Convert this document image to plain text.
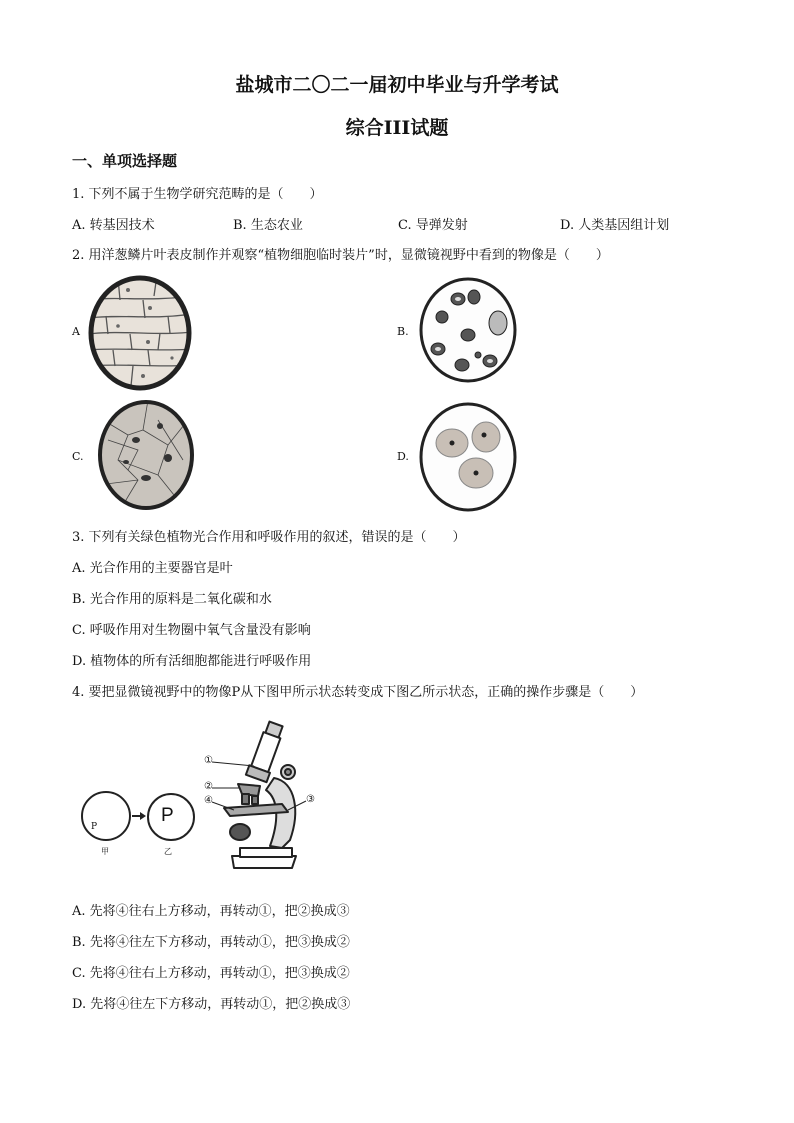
盐城市二〇二一届初中毕业与升学考试
综合III试题
一、单项选择题
1. 下列不属于生物学研究范畴的是（　　）
A. 转基因技术	B. 生态农业	C. 导弹发射	D. 人类基因组计划
2. 用洋葱鳞片叶表皮制作并观察“植物细胞临时装片”时，显微镜视野中看到的物像是（　　）
A	B.
C.	D.
3. 下列有关绿色植物光合作用和呼吸作用的叙述，错误的是（　　）
A. 光合作用的主要器官是叶
B. 光合作用的原料是二氧化碳和水
C. 呼吸作用对生物圈中氧气含量没有影响
D. 植物体的所有活细胞都能进行呼吸作用
4. 要把显微镜视野中的物像P从下图甲所示状态转变成下图乙所示状态，正确的操作步骤是（　　）
P
P
甲	乙
①
②
③
④
A. 先将④往右上方移动，再转动①，把②换成③
B. 先将④往左下方移动，再转动①，把③换成②
C. 先将④往右上方移动，再转动①，把③换成②
D. 先将④往左下方移动，再转动①，把②换成③
